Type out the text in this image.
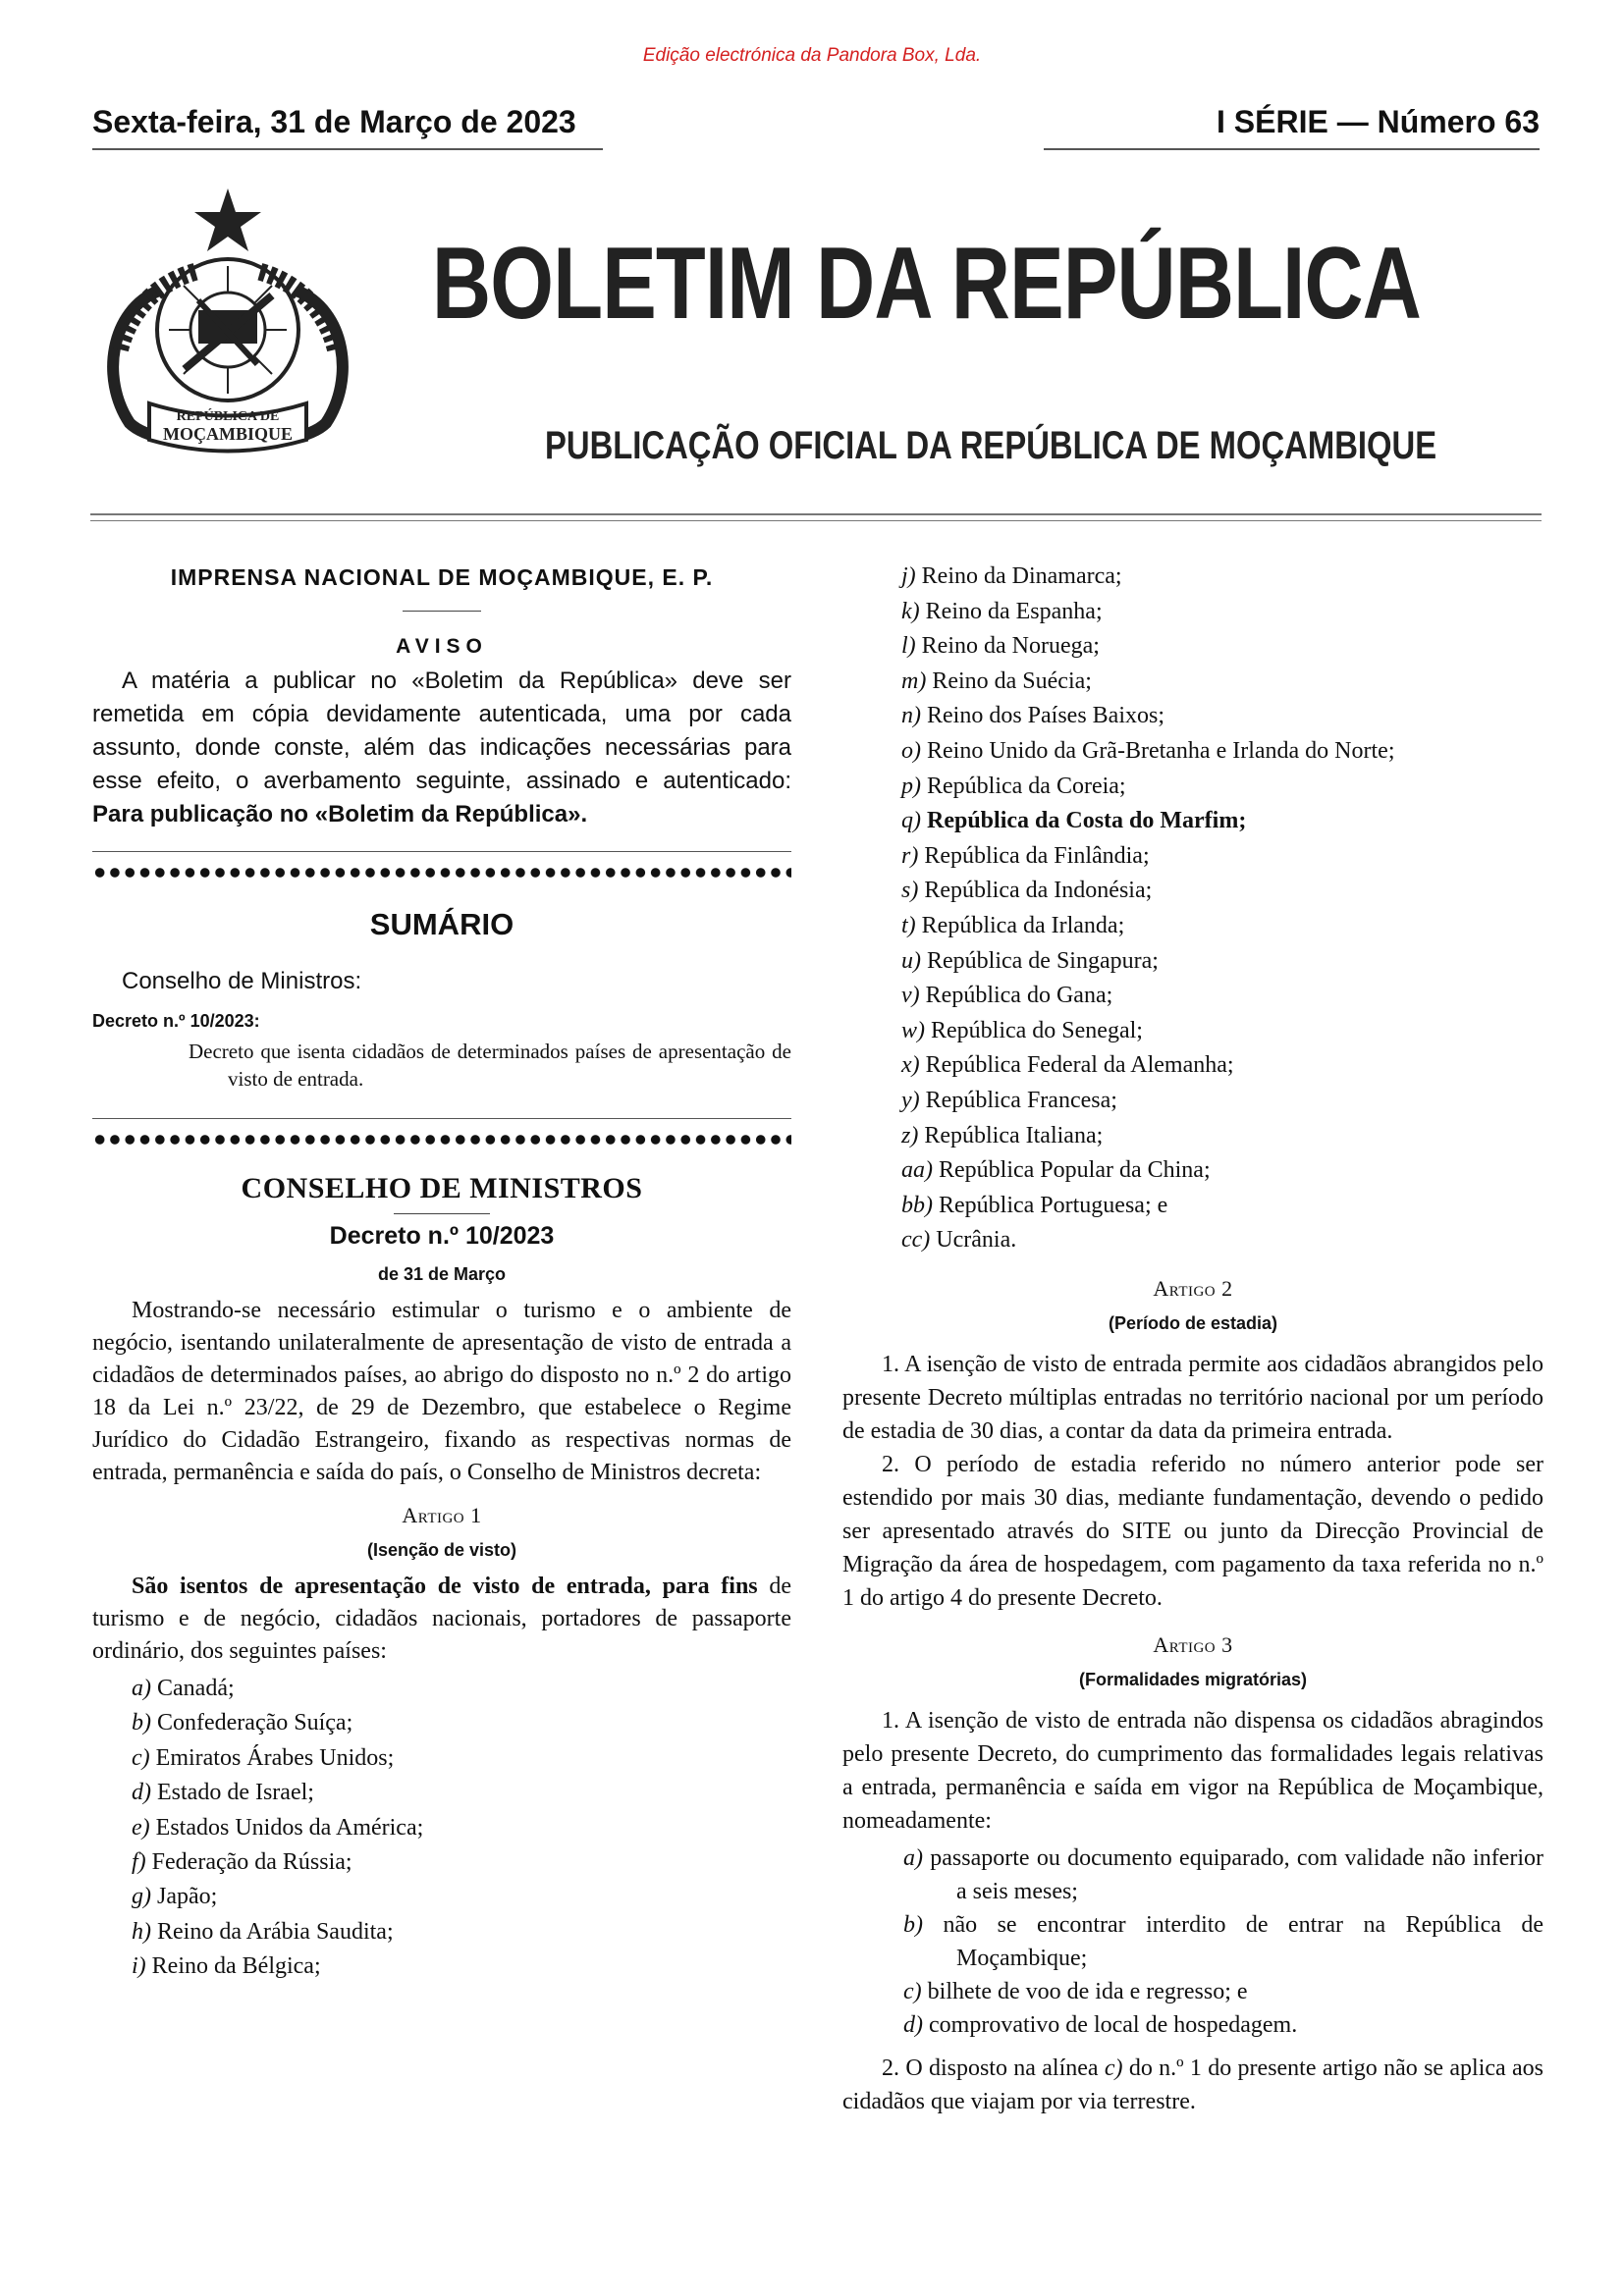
Edição electrónica da Pandora Box, Lda.
Sexta-feira, 31 de Março de 2023	I SÉRIE — Número 63
REPÚBLICA DE
MOÇAMBIQUE
BOLETIM DA REPÚBLICA
PUBLICAÇÃO OFICIAL DA REPÚBLICA DE MOÇAMBIQUE
IMPRENSA NACIONAL DE MOÇAMBIQUE, E. P.
AVISO
A matéria a publicar no «Boletim da República» deve ser remetida em cópia devidamente autenticada, uma por cada assunto, donde conste, além das indicações necessárias para esse efeito, o averbamento seguinte, assinado e autenticado: Para publicação no «Boletim da República».
SUMÁRIO
Conselho de Ministros:
Decreto n.º 10/2023:
Decreto que isenta cidadãos de determinados países de apresentação de visto de entrada.
CONSELHO DE MINISTROS
Decreto n.º 10/2023
de 31 de Março
Mostrando-se necessário estimular o turismo e o ambiente de negócio, isentando unilateralmente de apresentação de visto de entrada a cidadãos de determinados países, ao abrigo do disposto no n.º 2 do artigo 18 da Lei n.º 23/22, de 29 de Dezembro, que estabelece o Regime Jurídico do Cidadão Estrangeiro, fixando as respectivas normas de entrada, permanência e saída do país, o Conselho de Ministros decreta:
Artigo 1
(Isenção de visto)
São isentos de apresentação de visto de entrada, para fins de turismo e de negócio, cidadãos nacionais, portadores de passaporte ordinário, dos seguintes países:
a) Canadá;
b) Confederação Suíça;
c) Emiratos Árabes Unidos;
d) Estado de Israel;
e) Estados Unidos da América;
f) Federação da Rússia;
g) Japão;
h) Reino da Arábia Saudita;
i) Reino da Bélgica;
j) Reino da Dinamarca;
k) Reino da Espanha;
l) Reino da Noruega;
m) Reino da Suécia;
n) Reino dos Países Baixos;
o) Reino Unido da Grã-Bretanha e Irlanda do Norte;
p) República da Coreia;
q) República da Costa do Marfim;
r) República da Finlândia;
s) República da Indonésia;
t) República da Irlanda;
u) República de Singapura;
v) República do Gana;
w) República do Senegal;
x) República Federal da Alemanha;
y) República Francesa;
z) República Italiana;
aa) República Popular da China;
bb) República Portuguesa; e
cc) Ucrânia.
Artigo 2
(Período de estadia)
1. A isenção de visto de entrada permite aos cidadãos abrangidos pelo presente Decreto múltiplas entradas no território nacional por um período de estadia de 30 dias, a contar da data da primeira entrada.
2. O período de estadia referido no número anterior pode ser estendido por mais 30 dias, mediante fundamentação, devendo o pedido ser apresentado através do SITE ou junto da Direcção Provincial de Migração da área de hospedagem, com pagamento da taxa referida no n.º 1 do artigo 4 do presente Decreto.
Artigo 3
(Formalidades migratórias)
1. A isenção de visto de entrada não dispensa os cidadãos abragindos pelo presente Decreto, do cumprimento das formalidades legais relativas a entrada, permanência e saída em vigor na República de Moçambique, nomeadamente:
a) passaporte ou documento equiparado, com validade não inferior a seis meses;
b) não se encontrar interdito de entrar na República de Moçambique;
c) bilhete de voo de ida e regresso; e
d) comprovativo de local de hospedagem.
2. O disposto na alínea c) do n.º 1 do presente artigo não se aplica aos cidadãos que viajam por via terrestre.
